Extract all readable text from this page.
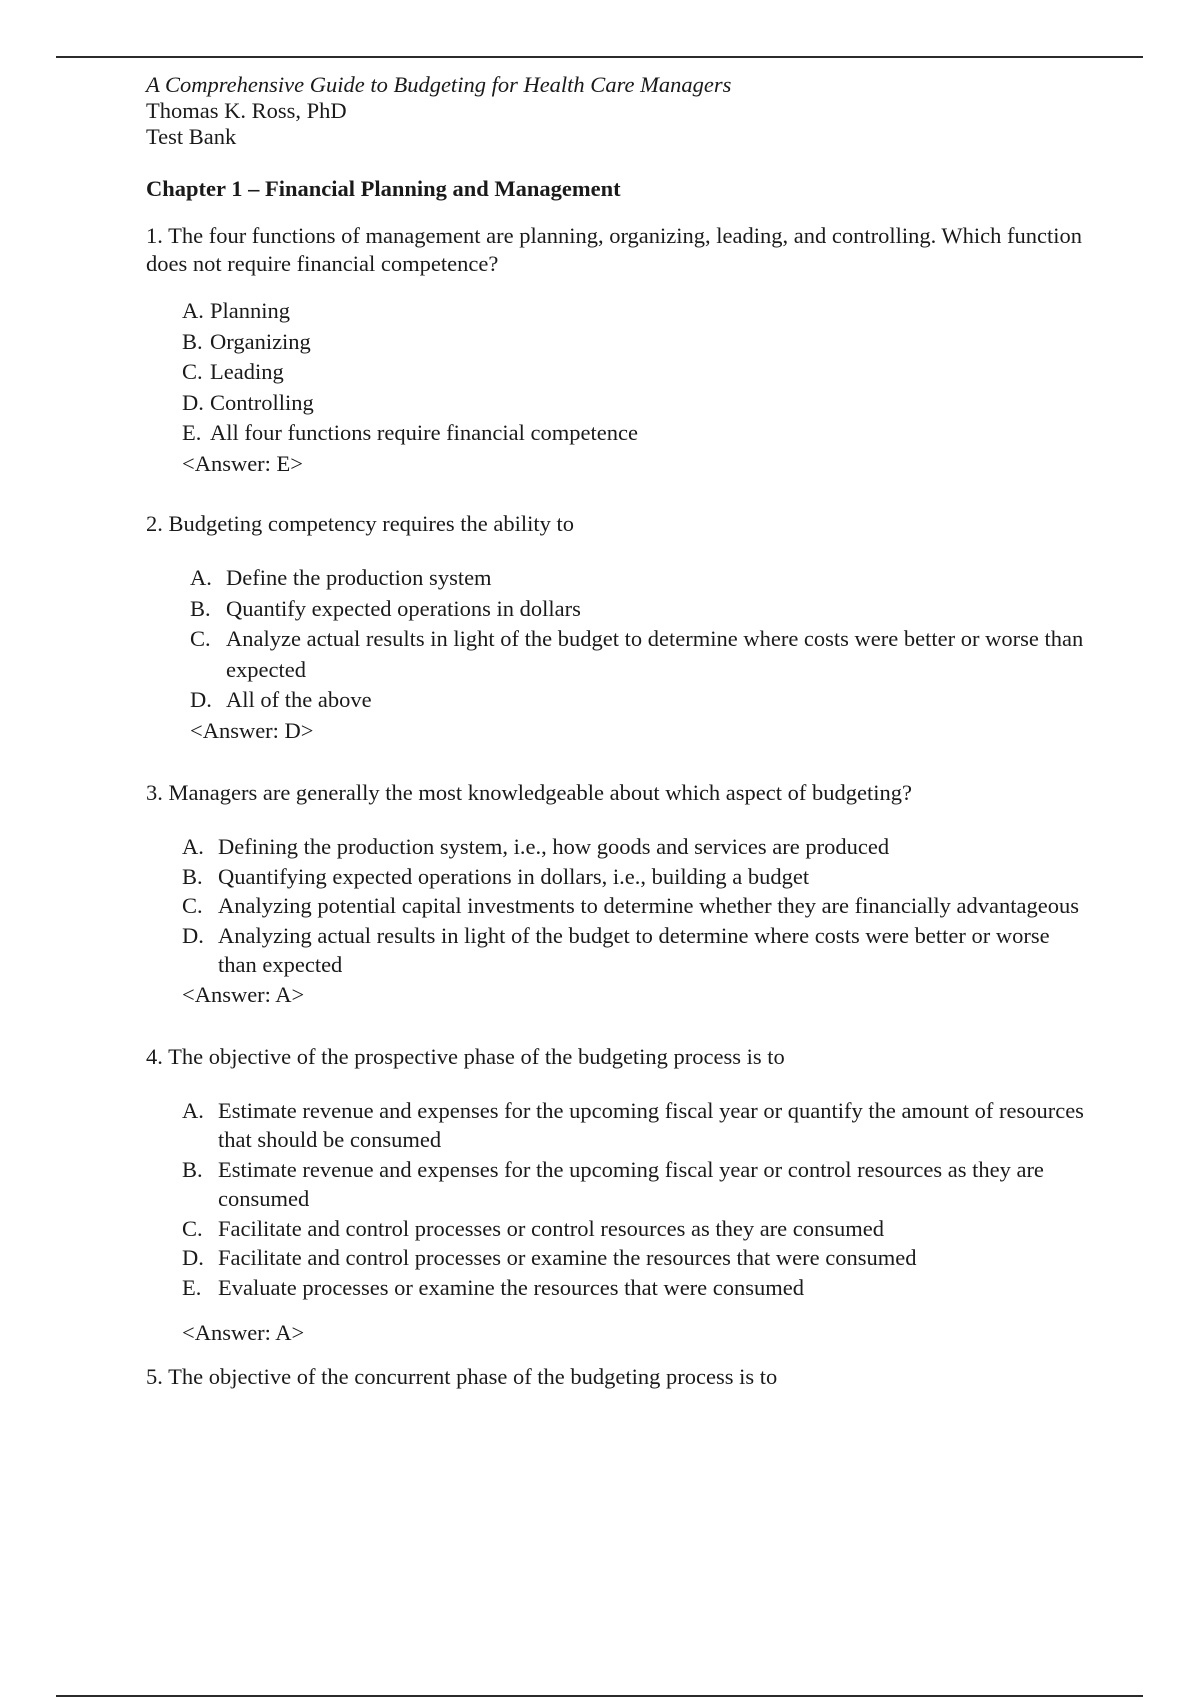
A Comprehensive Guide to Budgeting for Health Care Managers

Thomas K. Ross, PhD

Test Bank

Chapter 1 – Financial Planning and Management

1. The four functions of management are planning, organizing, leading, and controlling. Which function does not require financial competence?

A. Planning
B. Organizing
C. Leading
D. Controlling
E. All four functions require financial competence

<Answer: E>

2. Budgeting competency requires the ability to

A. Define the production system
B. Quantify expected operations in dollars
C. Analyze actual results in light of the budget to determine where costs were better or worse than expected
D. All of the above

<Answer: D>

3. Managers are generally the most knowledgeable about which aspect of budgeting?

A. Defining the production system, i.e., how goods and services are produced
B. Quantifying expected operations in dollars, i.e., building a budget
C. Analyzing potential capital investments to determine whether they are financially advantageous
D. Analyzing actual results in light of the budget to determine where costs were better or worse than expected

<Answer: A>

4. The objective of the prospective phase of the budgeting process is to

A. Estimate revenue and expenses for the upcoming fiscal year or quantify the amount of resources that should be consumed
B. Estimate revenue and expenses for the upcoming fiscal year or control resources as they are consumed
C. Facilitate and control processes or control resources as they are consumed
D. Facilitate and control processes or examine the resources that were consumed
E. Evaluate processes or examine the resources that were consumed

<Answer: A>

5. The objective of the concurrent phase of the budgeting process is to
